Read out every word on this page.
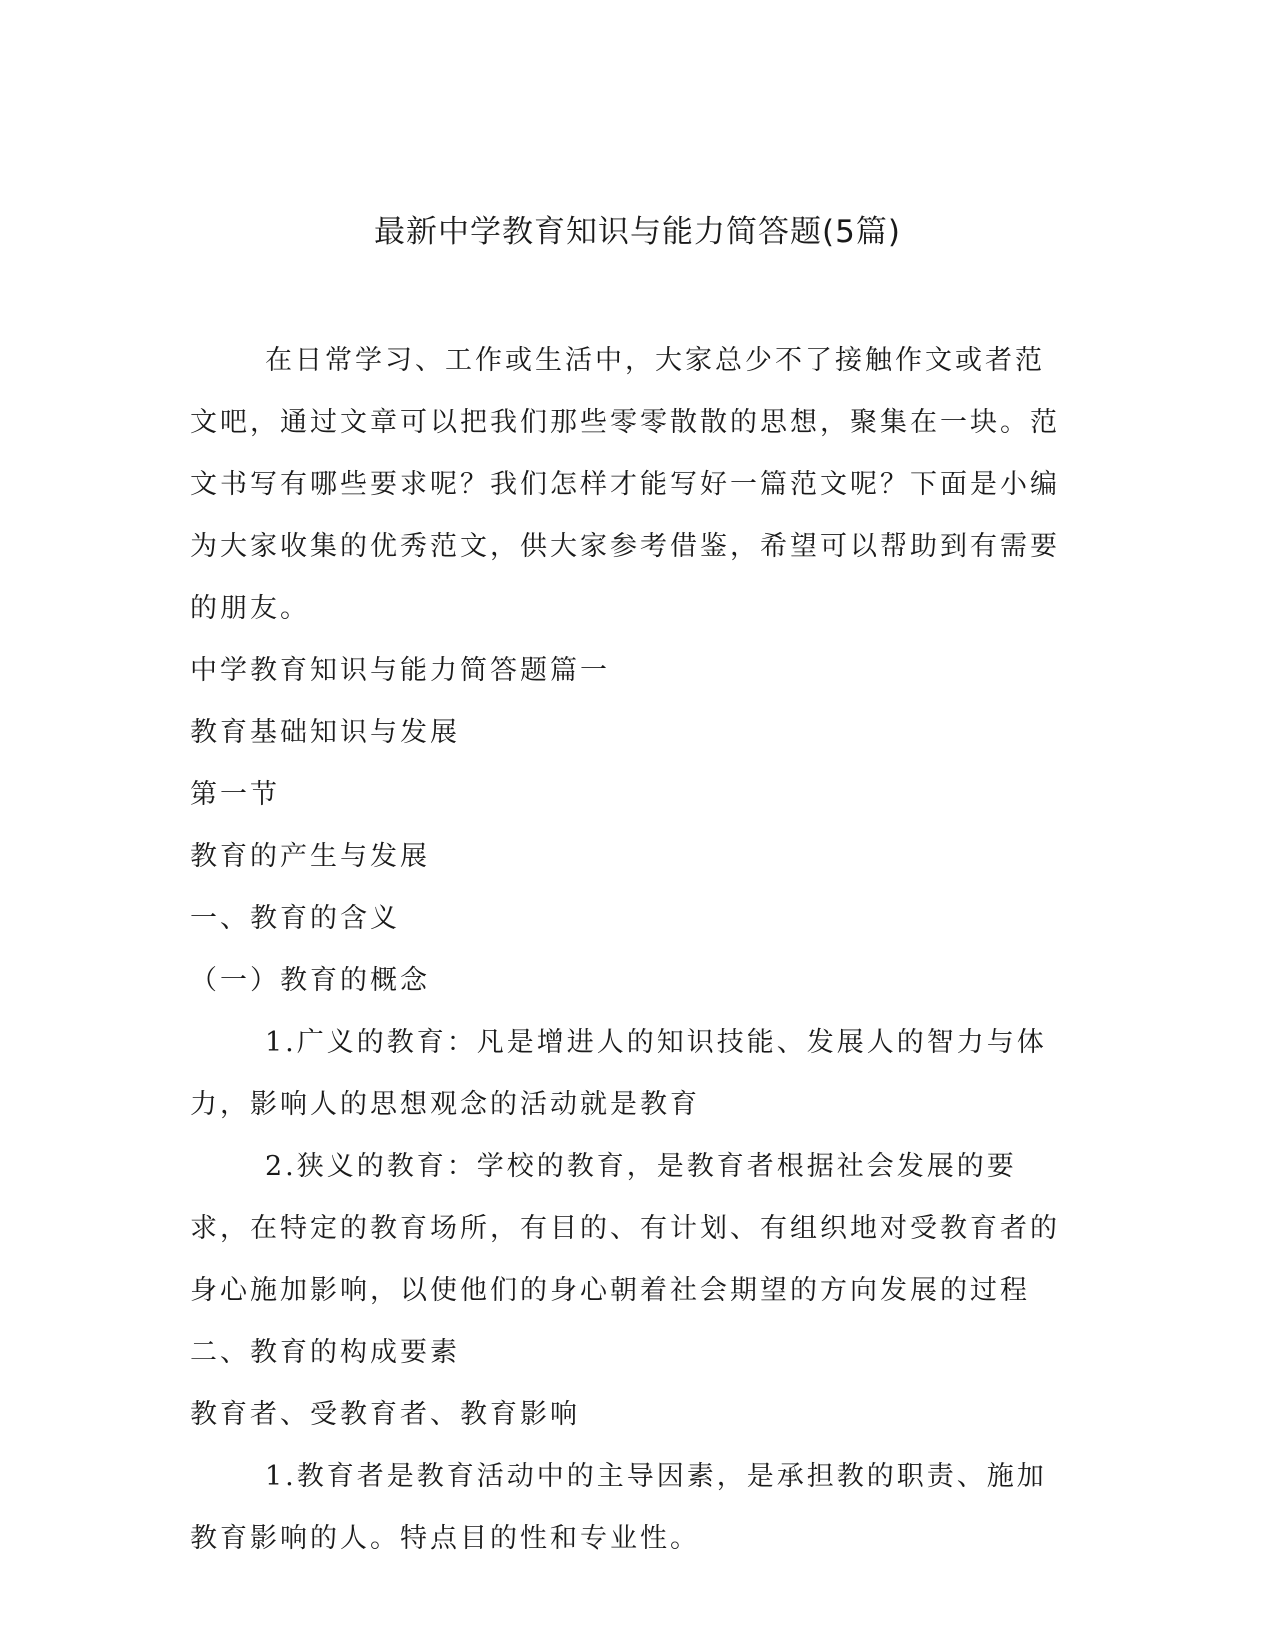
最新中学教育知识与能力简答题(5篇)

在日常学习、工作或生活中，大家总少不了接触作文或者范文吧，通过文章可以把我们那些零零散散的思想，聚集在一块。范文书写有哪些要求呢？我们怎样才能写好一篇范文呢？下面是小编为大家收集的优秀范文，供大家参考借鉴，希望可以帮助到有需要的朋友。

中学教育知识与能力简答题篇一

教育基础知识与发展

第一节

教育的产生与发展

一、教育的含义

（一）教育的概念

1.广义的教育：凡是增进人的知识技能、发展人的智力与体力，影响人的思想观念的活动就是教育

2.狭义的教育：学校的教育，是教育者根据社会发展的要求，在特定的教育场所，有目的、有计划、有组织地对受教育者的身心施加影响，以使他们的身心朝着社会期望的方向发展的过程

二、教育的构成要素

教育者、受教育者、教育影响

1.教育者是教育活动中的主导因素，是承担教的职责、施加教育影响的人。特点目的性和专业性。
